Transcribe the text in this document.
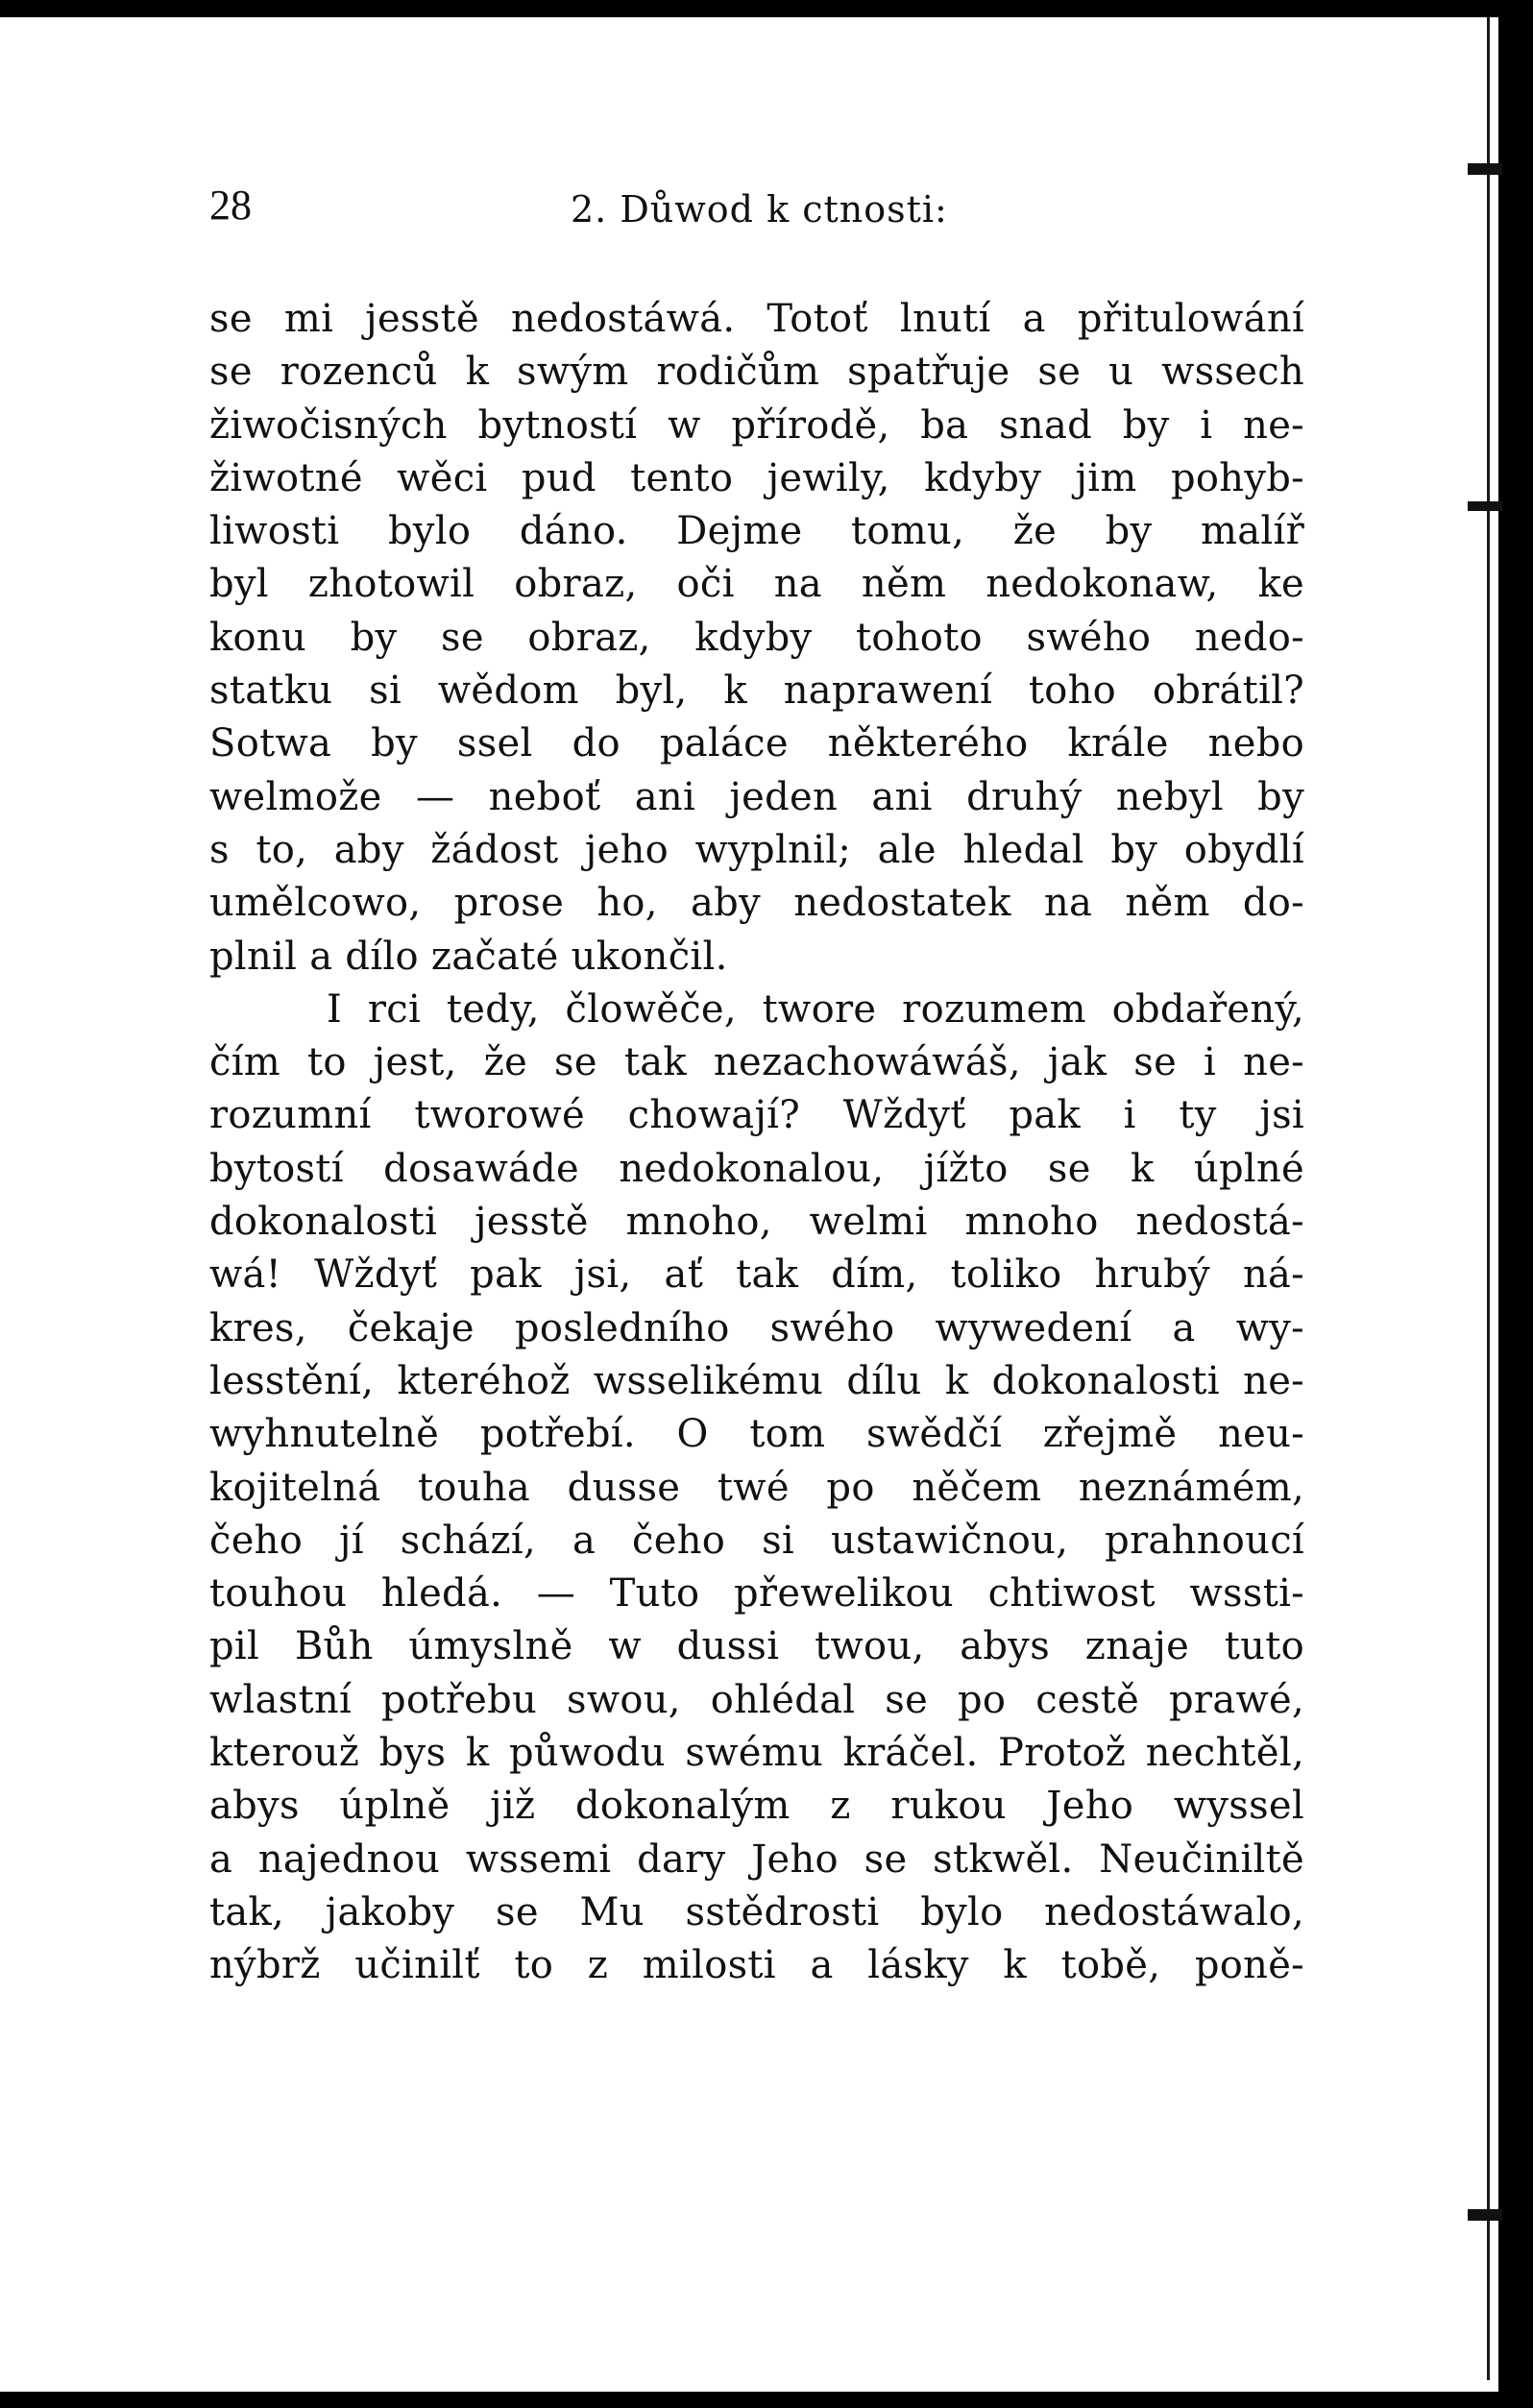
28	2. Důwod k ctnosti:
se mi jesstě nedostáwá. Totoť lnutí a přitulowání
se rozenců k swým rodičům spatřuje se u wssech
žiwočisných bytností w přírodě, ba snad by i ne-
žiwotné wěci pud tento jewily, kdyby jim pohyb-
liwosti bylo dáno. Dejme tomu, že by malíř
byl zhotowil obraz, oči na něm nedokonaw, ke
konu by se obraz, kdyby tohoto swého nedo-
statku si wědom byl, k naprawení toho obrátil?
Sotwa by ssel do paláce některého krále nebo
welmože — neboť ani jeden ani druhý nebyl by
s to, aby žádost jeho wyplnil; ale hledal by obydlí
umělcowo, prose ho, aby nedostatek na něm do-
plnil a dílo začaté ukončil.
I rci tedy, člowěče, twore rozumem obdařený,
čím to jest, že se tak nezachowáwáš, jak se i ne-
rozumní tworowé chowají? Wždyť pak i ty jsi
bytostí dosawáde nedokonalou, jížto se k úplné
dokonalosti jesstě mnoho, welmi mnoho nedostá-
wá! Wždyť pak jsi, ať tak dím, toliko hrubý ná-
kres, čekaje posledního swého wywedení a wy-
lesstění, kteréhož wsselikému dílu k dokonalosti ne-
wyhnutelně potřebí. O tom swědčí zřejmě neu-
kojitelná touha dusse twé po něčem neznámém,
čeho jí schází, a čeho si ustawičnou, prahnoucí
touhou hledá. — Tuto přewelikou chtiwost wssti-
pil Bůh úmyslně w dussi twou, abys znaje tuto
wlastní potřebu swou, ohlédal se po cestě prawé,
kterouž bys k půwodu swému kráčel. Protož nechtěl,
abys úplně již dokonalým z rukou Jeho wyssel
a najednou wssemi dary Jeho se stkwěl. Neučiniltě
tak, jakoby se Mu sstědrosti bylo nedostáwalo,
nýbrž učinilť to z milosti a lásky k tobě, poně-
